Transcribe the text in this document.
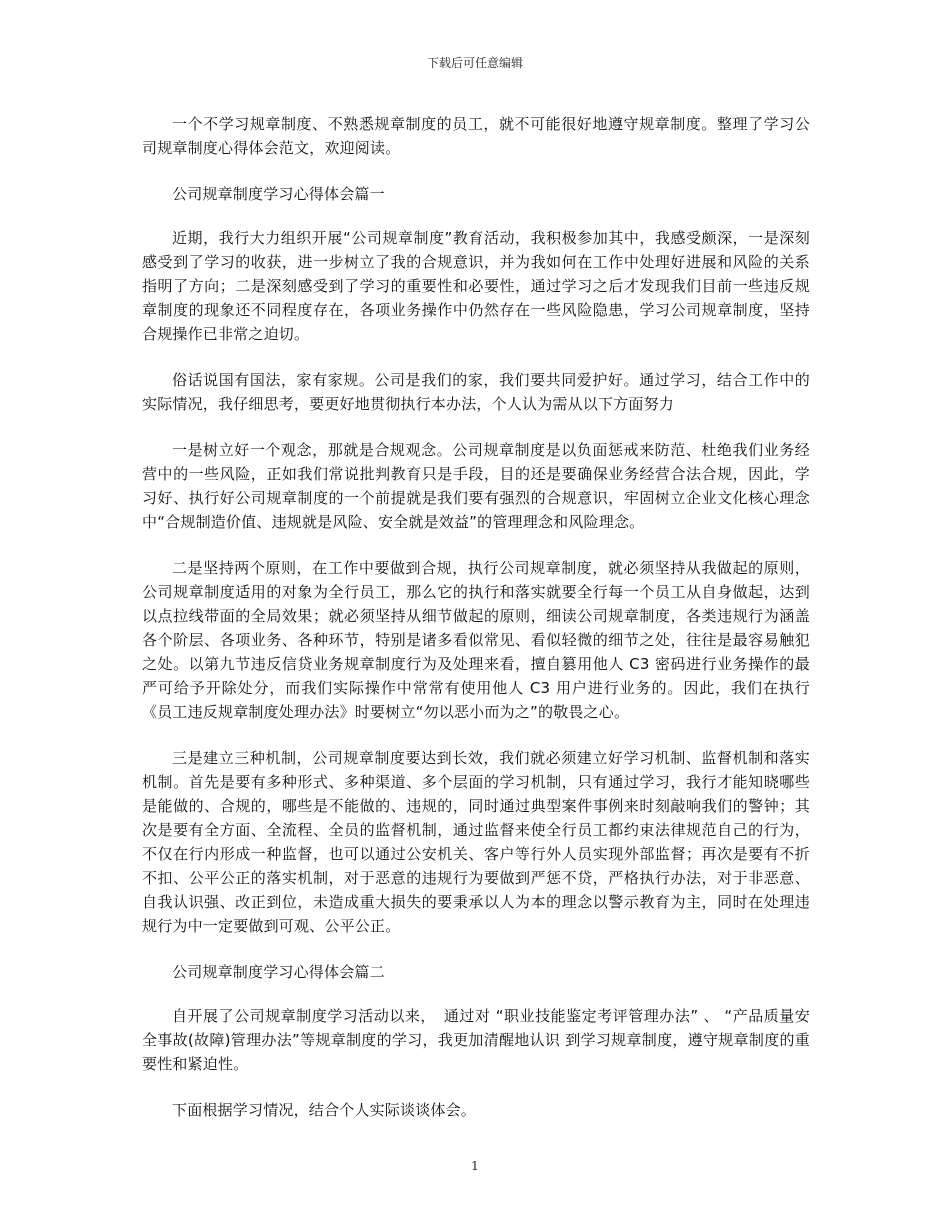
下载后可任意编辑

一个不学习规章制度、不熟悉规章制度的员工，就不可能很好地遵守规章制度。整理了学习公司规章制度心得体会范文，欢迎阅读。

公司规章制度学习心得体会篇一

近期，我行大力组织开展“公司规章制度”教育活动，我积极参加其中，我感受颇深，一是深刻感受到了学习的收获，进一步树立了我的合规意识，并为我如何在工作中处理好进展和风险的关系指明了方向；二是深刻感受到了学习的重要性和必要性，通过学习之后才发现我们目前一些违反规章制度的现象还不同程度存在，各项业务操作中仍然存在一些风险隐患，学习公司规章制度，坚持合规操作已非常之迫切。

俗话说国有国法，家有家规。公司是我们的家，我们要共同爱护好。通过学习，结合工作中的实际情况，我仔细思考，要更好地贯彻执行本办法，个人认为需从以下方面努力

一是树立好一个观念，那就是合规观念。公司规章制度是以负面惩戒来防范、杜绝我们业务经营中的一些风险，正如我们常说批判教育只是手段，目的还是要确保业务经营合法合规，因此，学习好、执行好公司规章制度的一个前提就是我们要有强烈的合规意识，牢固树立企业文化核心理念中“合规制造价值、违规就是风险、安全就是效益”的管理理念和风险理念。

二是坚持两个原则，在工作中要做到合规，执行公司规章制度，就必须坚持从我做起的原则，公司规章制度适用的对象为全行员工，那么它的执行和落实就要全行每一个员工从自身做起，达到以点拉线带面的全局效果；就必须坚持从细节做起的原则，细读公司规章制度，各类违规行为涵盖各个阶层、各项业务、各种环节，特别是诸多看似常见、看似轻微的细节之处，往往是最容易触犯之处。以第九节违反信贷业务规章制度行为及处理来看，擅自篡用他人 C3 密码进行业务操作的最严可给予开除处分，而我们实际操作中常常有使用他人 C3 用户进行业务的。因此，我们在执行《员工违反规章制度处理办法》时要树立“勿以恶小而为之”的敬畏之心。

三是建立三种机制，公司规章制度要达到长效，我们就必须建立好学习机制、监督机制和落实机制。首先是要有多种形式、多种渠道、多个层面的学习机制，只有通过学习，我行才能知晓哪些是能做的、合规的，哪些是不能做的、违规的，同时通过典型案件事例来时刻敲响我们的警钟；其次是要有全方面、全流程、全员的监督机制，通过监督来使全行员工都约束法律规范自己的行为，不仅在行内形成一种监督，也可以通过公安机关、客户等行外人员实现外部监督；再次是要有不折不扣、公平公正的落实机制，对于恶意的违规行为要做到严惩不贷，严格执行办法，对于非恶意、自我认识强、改正到位，未造成重大损失的要秉承以人为本的理念以警示教育为主，同时在处理违规行为中一定要做到可观、公平公正。

公司规章制度学习心得体会篇二

自开展了公司规章制度学习活动以来，　通过对 “职业技能鉴定考评管理办法” 、 “产品质量安全事故(故障)管理办法”等规章制度的学习，我更加清醒地认识 到学习规章制度，遵守规章制度的重要性和紧迫性。

下面根据学习情况，结合个人实际谈谈体会。

1
